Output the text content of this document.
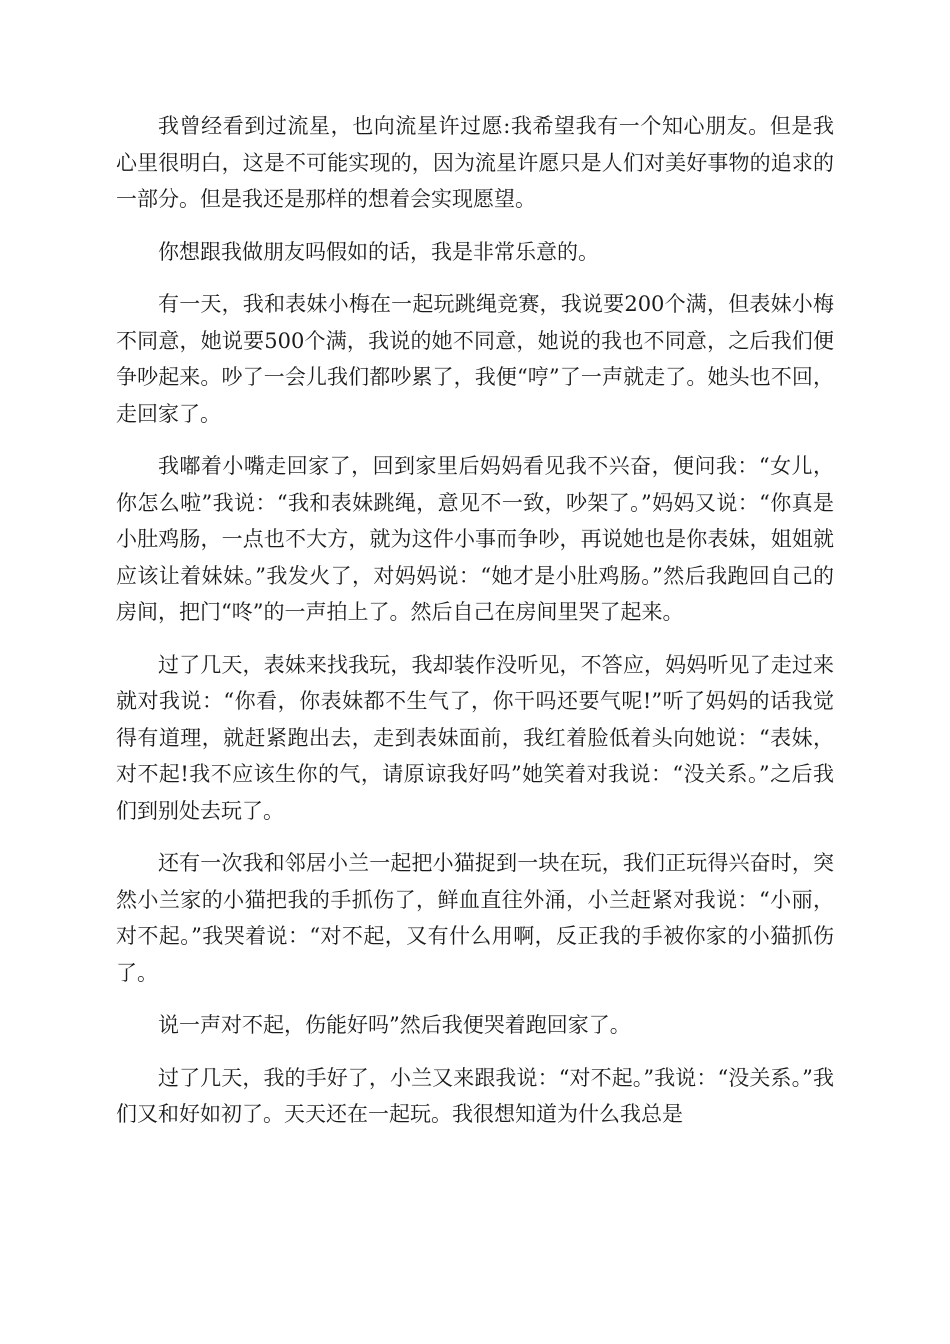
我曾经看到过流星，也向流星许过愿:我希望我有一个知心朋友。但是我心里很明白，这是不可能实现的，因为流星许愿只是人们对美好事物的追求的一部分。但是我还是那样的想着会实现愿望。

你想跟我做朋友吗假如的话，我是非常乐意的。

有一天，我和表妹小梅在一起玩跳绳竞赛，我说要200个满，但表妹小梅不同意，她说要500个满，我说的她不同意，她说的我也不同意，之后我们便争吵起来。吵了一会儿我们都吵累了，我便“哼”了一声就走了。她头也不回，走回家了。

我嘟着小嘴走回家了，回到家里后妈妈看见我不兴奋，便问我：“女儿，你怎么啦”我说：“我和表妹跳绳，意见不一致，吵架了。”妈妈又说：“你真是小肚鸡肠，一点也不大方，就为这件小事而争吵，再说她也是你表妹，姐姐就应该让着妹妹。”我发火了，对妈妈说：“她才是小肚鸡肠。”然后我跑回自己的房间，把门“咚”的一声拍上了。然后自己在房间里哭了起来。

过了几天，表妹来找我玩，我却装作没听见，不答应，妈妈听见了走过来就对我说：“你看，你表妹都不生气了，你干吗还要气呢!”听了妈妈的话我觉得有道理，就赶紧跑出去，走到表妹面前，我红着脸低着头向她说：“表妹，对不起!我不应该生你的气，请原谅我好吗”她笑着对我说：“没关系。”之后我们到别处去玩了。

还有一次我和邻居小兰一起把小猫捉到一块在玩，我们正玩得兴奋时，突然小兰家的小猫把我的手抓伤了，鲜血直往外涌，小兰赶紧对我说：“小丽，对不起。”我哭着说：“对不起，又有什么用啊，反正我的手被你家的小猫抓伤了。

说一声对不起，伤能好吗”然后我便哭着跑回家了。

过了几天，我的手好了，小兰又来跟我说：“对不起。”我说：“没关系。”我们又和好如初了。天天还在一起玩。我很想知道为什么我总是
